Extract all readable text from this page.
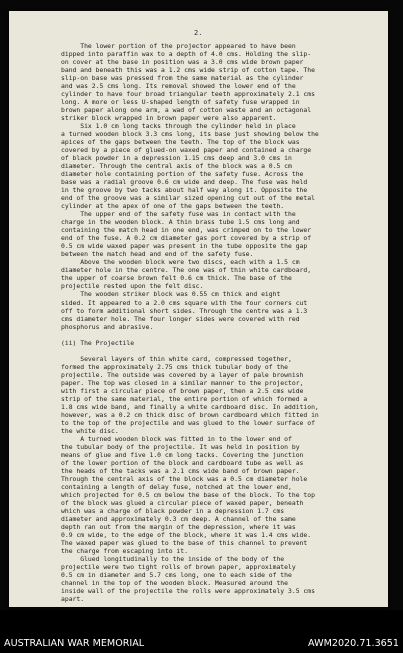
2.
The lower portion of the projector appeared to have been
dipped into paraffin wax to a depth of 4.0 cms. Holding the slip-
on cover at the base in position was a 3.0 cms wide brown paper
band and beneath this was a 1.2 cms wide strip of cotton tape. The
slip-on base was pressed from the same material as the cylinder
and was 2.5 cms long. Its removal showed the lower end of the
cylinder to have four broad triangular teeth approximately 2.1 cms
long. A more or less U-shaped length of safety fuse wrapped in
brown paper along one arm, a wad of cotton waste and an octagonal
striker block wrapped in brown paper were also apparent.
Six 1.0 cm long tacks through the cylinder held in place
a turned wooden block 3.3 cms long, its base just showing below the
apices of the gaps between the teeth. The top of the block was
covered by a piece of glued-on waxed paper and contained a charge
of black powder in a depression 1.15 cms deep and 3.0 cms in
diameter. Through the central axis of the block was a 0.5 cm
diameter hole containing portion of the safety fuse. Across the
base was a radial groove 0.6 cm wide and deep. The fuse was held
in the groove by two tacks about half way along it. Opposite the
end of the groove was a similar sized opening cut out of the metal
cylinder at the apex of one of the gaps between the teeth.
The upper end of the safety fuse was in contact with the
charge in the wooden block. A thin brass tube 1.5 cms long and
containing the match head in one end, was crimped on to the lower
end of the fuse. A 0.2 cm diameter gas port covered by a strip of
0.5 cm wide waxed paper was present in the tube opposite the gap
between the match head and end of the safety fuse.
Above the wooden block were two discs, each with a 1.5 cm
diameter hole in the centre. The one was of thin white cardboard,
the upper of coarse brown felt 0.6 cm thick. The base of the
projectile rested upon the felt disc.
The wooden striker block was 0.55 cm thick and eight
sided. It appeared to a 2.0 cms square with the four corners cut
off to form additional short sides. Through the centre was a 1.3
cms diameter hole. The four longer sides were covered with red
phosphorus and abrasive.
(ii) The Projectile
Several layers of thin white card, compressed together,
formed the approximately 2.75 cms thick tubular body of the
projectile. The outside was covered by a layer of pale brownish
paper. The top was closed in a similar manner to the projector,
with first a circular piece of brown paper, then a 2.5 cms wide
strip of the same material, the entire portion of which formed a
1.8 cms wide band, and finally a white cardboard disc. In addition,
however, was a 0.2 cm thick disc of brown cardboard which fitted in
to the top of the projectile and was glued to the lower surface of
the white disc.
A turned wooden block was fitted in to the lower end of
the tubular body of the projectile. It was held in position by
means of glue and five 1.0 cm long tacks. Covering the junction
of the lower portion of the block and cardboard tube as well as
the heads of the tacks was a 2.1 cms wide band of brown paper.
Through the central axis of the block was a 0.5 cm diameter hole
containing a length of delay fuse, notched at the lower end,
which projected for 0.5 cm below the base of the block. To the top
of the block was glued a circular piece of waxed paper, beneath
which was a charge of black powder in a depression 1.7 cms
diameter and approximately 0.3 cm deep. A channel of the same
depth ran out from the margin of the depression, where it was
0.9 cm wide, to the edge of the block, where it was 1.4 cms wide.
The waxed paper was glued to the base of this channel to prevent
the charge from escaping into it.
Glued longitudinally to the inside of the body of the
projectile were two tight rolls of brown paper, approximately
0.5 cm in diameter and 5.7 cms long, one to each side of the
channel in the top of the wooden block. Measured around the
inside wall of the projectile the rolls were approximately 3.5 cms
apart.
AUSTRALIAN WAR MEMORIAL	AWM2020.71.3651
